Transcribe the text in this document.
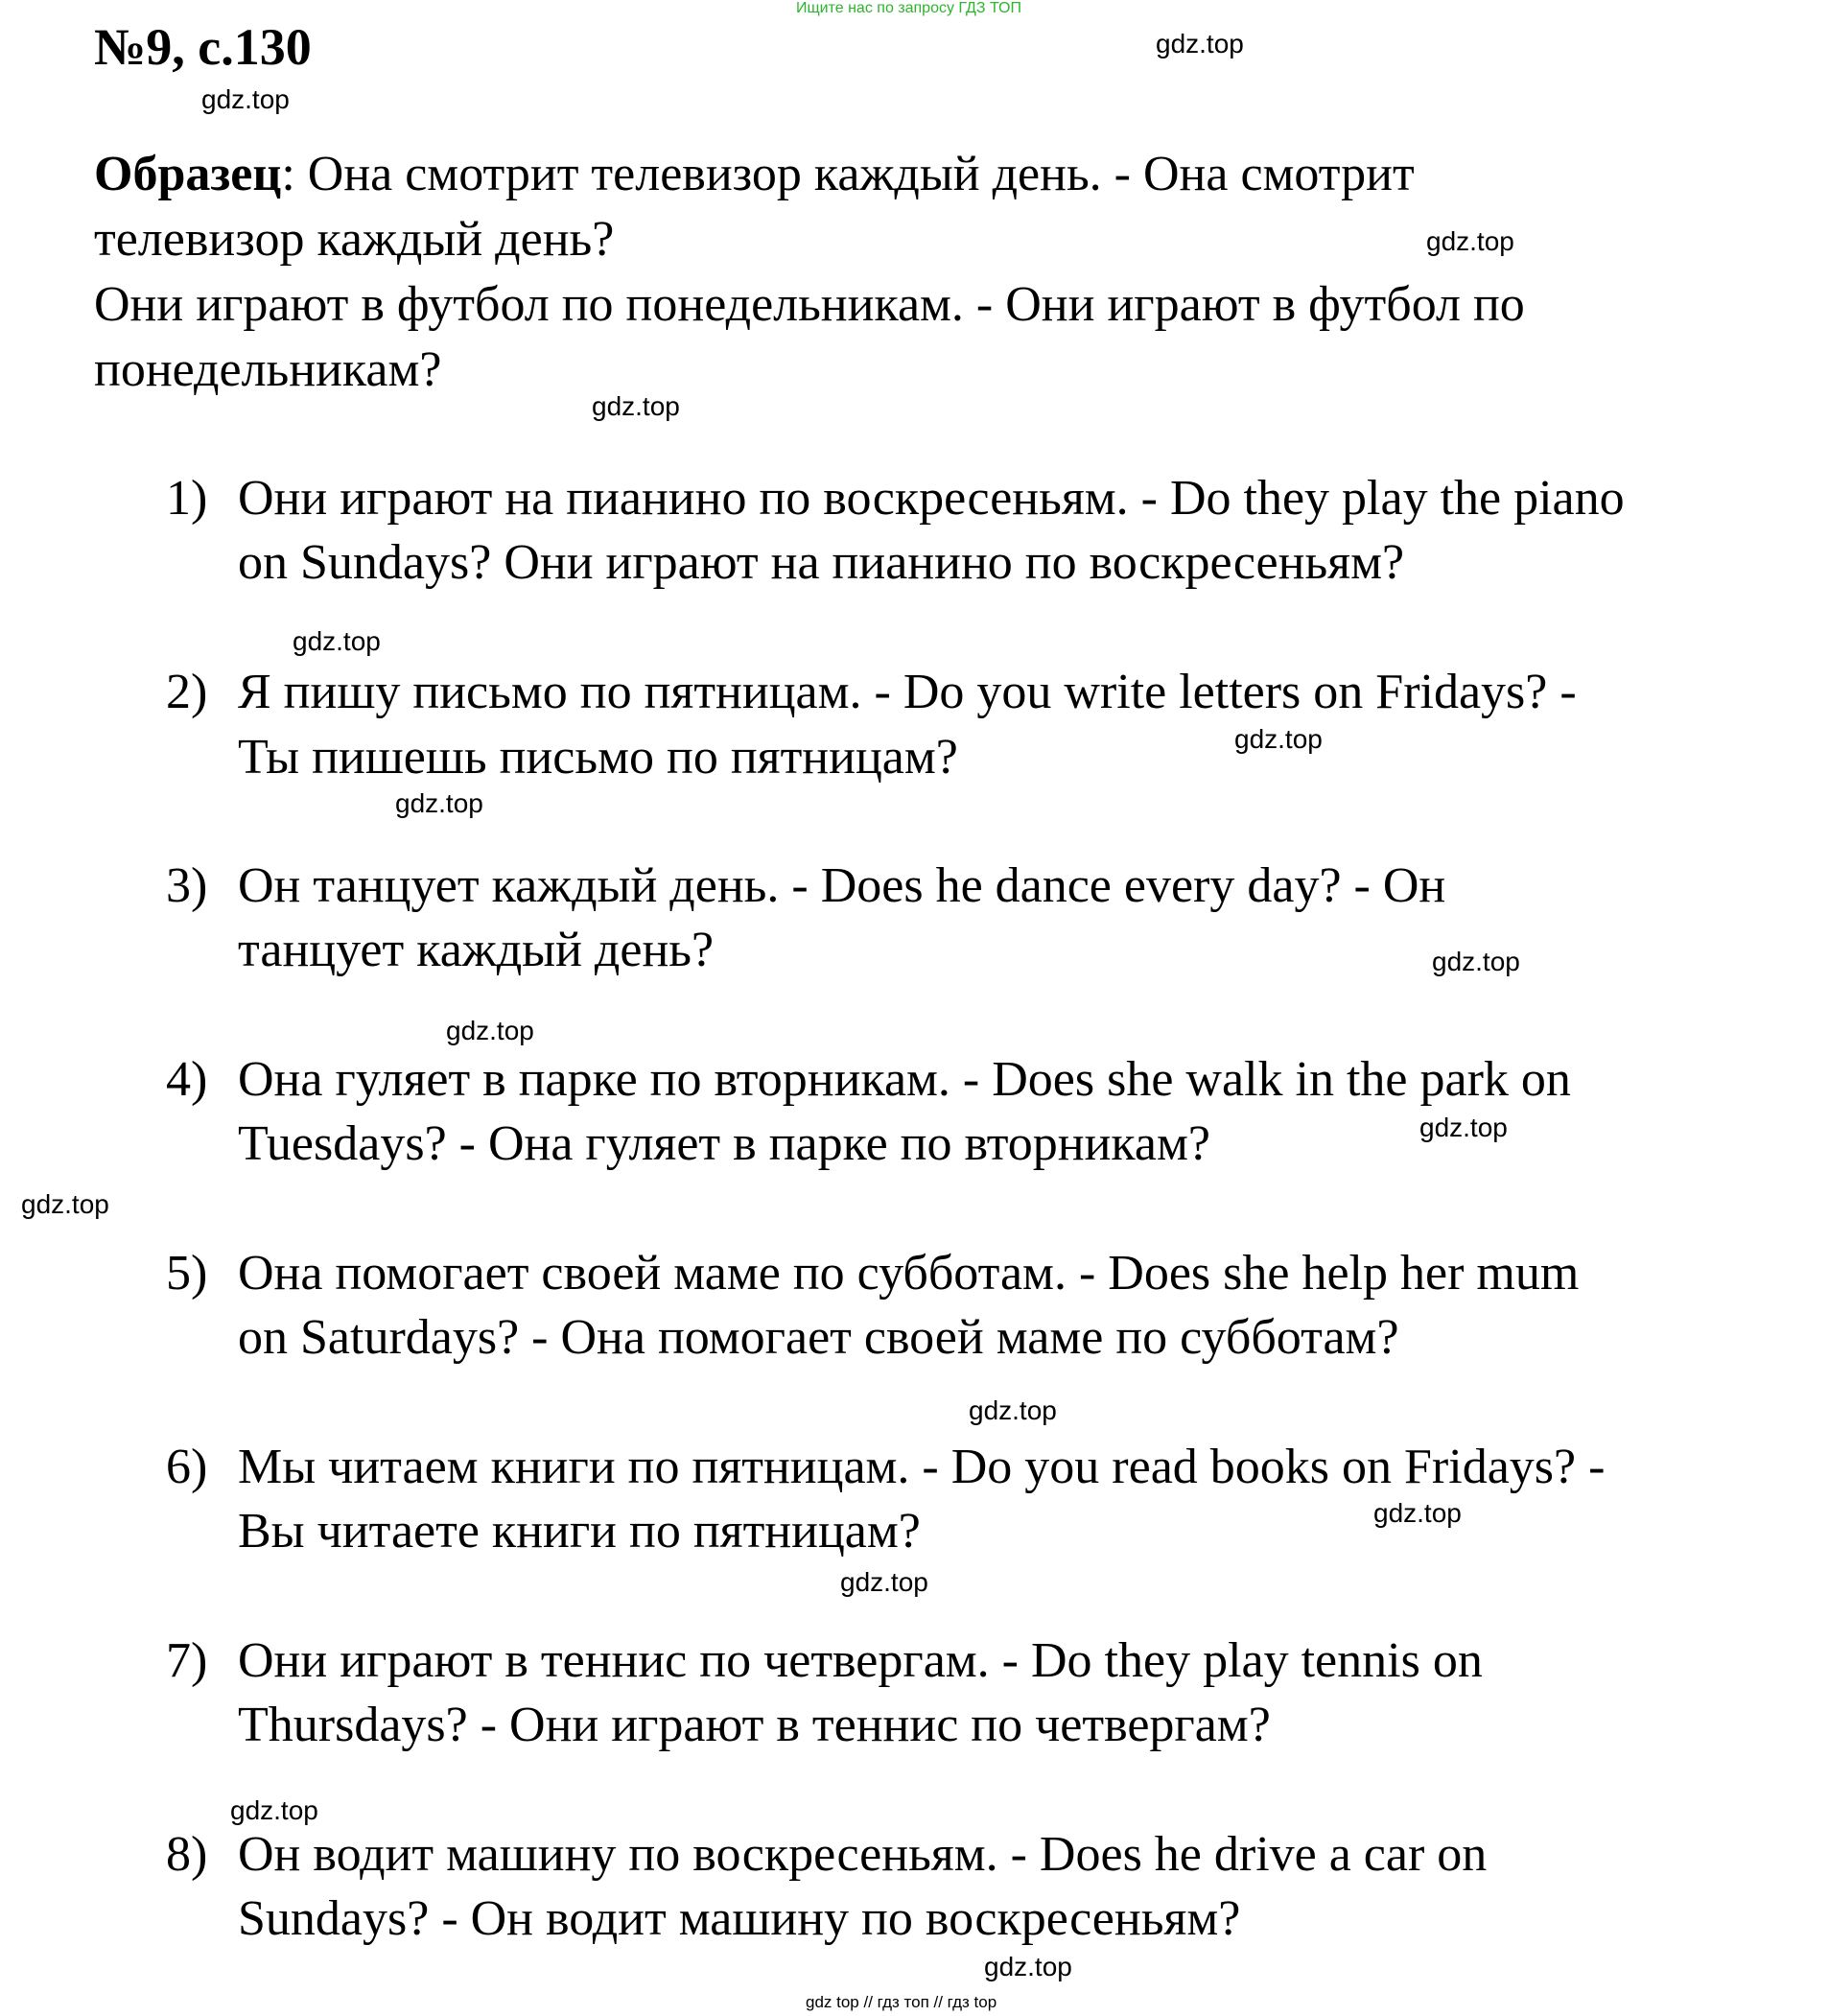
Ищите нас по запросу ГДЗ ТОП
№9, с.130	gdz.top
gdz.top
gdz.top
gdz.top
gdz.top
gdz.top
gdz.top
gdz.top
gdz.top
gdz.top
gdz.top
gdz.top
gdz.top
gdz.top
gdz.top
gdz.top
Образец: Она смотрит телевизор каждый день. - Она смотрит
телевизор каждый день?
Они играют в футбол по понедельникам. - Они играют в футбол по
понедельникам?
1) Они играют на пианино по воскресеньям. - Do they play the piano
on Sundays? Они играют на пианино по воскресеньям?
2) Я пишу письмо по пятницам. - Do you write letters on Fridays? -
Ты пишешь письмо по пятницам?
3) Он танцует каждый день. - Does he dance every day? - Он
танцует каждый день?
4) Она гуляет в парке по вторникам. - Does she walk in the park on
Tuesdays? - Она гуляет в парке по вторникам?
5) Она помогает своей маме по субботам. - Does she help her mum
on Saturdays? - Она помогает своей маме по субботам?
6) Мы читаем книги по пятницам. - Do you read books on Fridays? -
Вы читаете книги по пятницам?
7) Они играют в теннис по четвергам. - Do they play tennis on
Thursdays? - Они играют в теннис по четвергам?
8) Он водит машину по воскресеньям. - Does he drive a car on
Sundays? - Он водит машину по воскресеньям?
gdz top // гдз топ // гдз top
